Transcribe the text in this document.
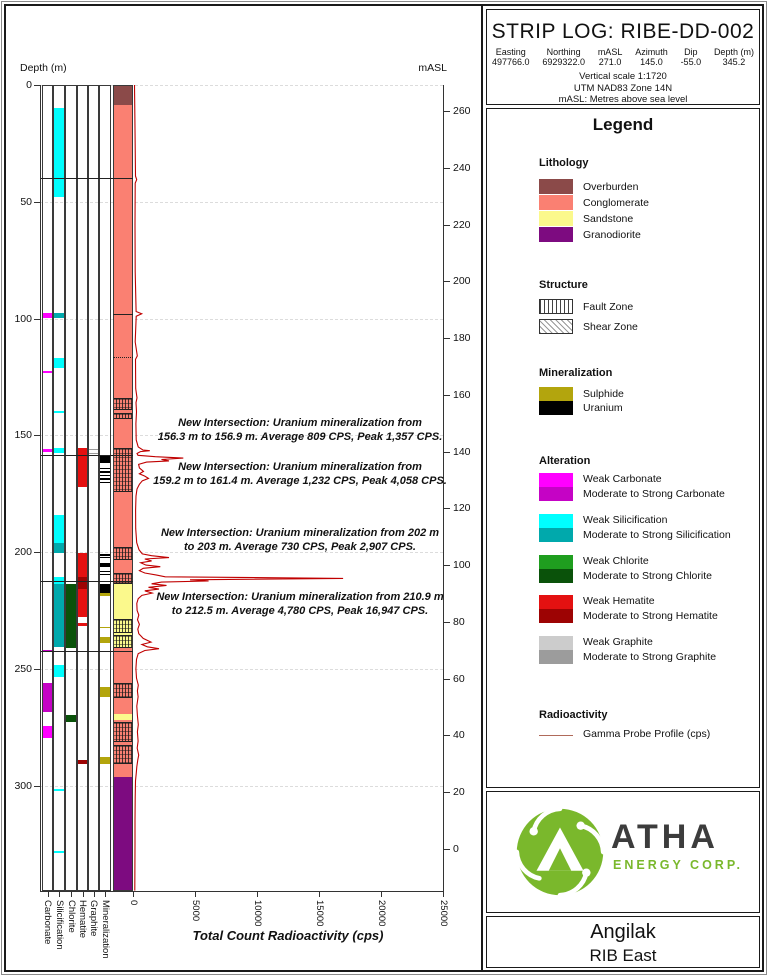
Depth (m)	mASL
Total Count Radioactivity (cps)
New Intersection: Uranium mineralization from
156.3 m to 156.9 m. Average 809 CPS, Peak 1,357 CPS.
New Intersection: Uranium mineralization from
159.2 m to 161.4 m. Average 1,232 CPS, Peak 4,058 CPS.
New Intersection: Uranium mineralization from 202 m
to 203 m. Average 730 CPS, Peak 2,907 CPS.
New Intersection: Uranium mineralization from 210.9 m
to 212.5 m. Average 4,780 CPS, Peak 16,947 CPS.
Carbonate Silicification Chlorite Hematite Graphite Mineralization
0
50
100
150
200
250
300
260
240
220
200
180
160
140
120
100
80
60
40
20
0
0	5000	10000	15000	20000	25000
STRIP LOG: RIBE-DD-002
Easting
497766.0
Northing
6929322.0
mASL
271.0
Azimuth
145.0
Dip
-55.0
Depth (m)
345.2
Vertical scale 1:1720
UTM NAD83 Zone 14N
mASL: Metres above sea level
Legend
Lithology
Overburden
Conglomerate
Sandstone
Granodiorite
Structure
Fault Zone
Shear Zone
Mineralization
Sulphide
Uranium
Alteration
Weak Carbonate
Moderate to Strong Carbonate
Weak Silicification
Moderate to Strong Silicification
Weak Chlorite
Moderate to Strong Chlorite
Weak Hematite
Moderate to Strong Hematite
Weak Graphite
Moderate to Strong Graphite
Radioactivity
Gamma Probe Profile (cps)
ATHA
ENERGY CORP.
Angilak
RIB East
